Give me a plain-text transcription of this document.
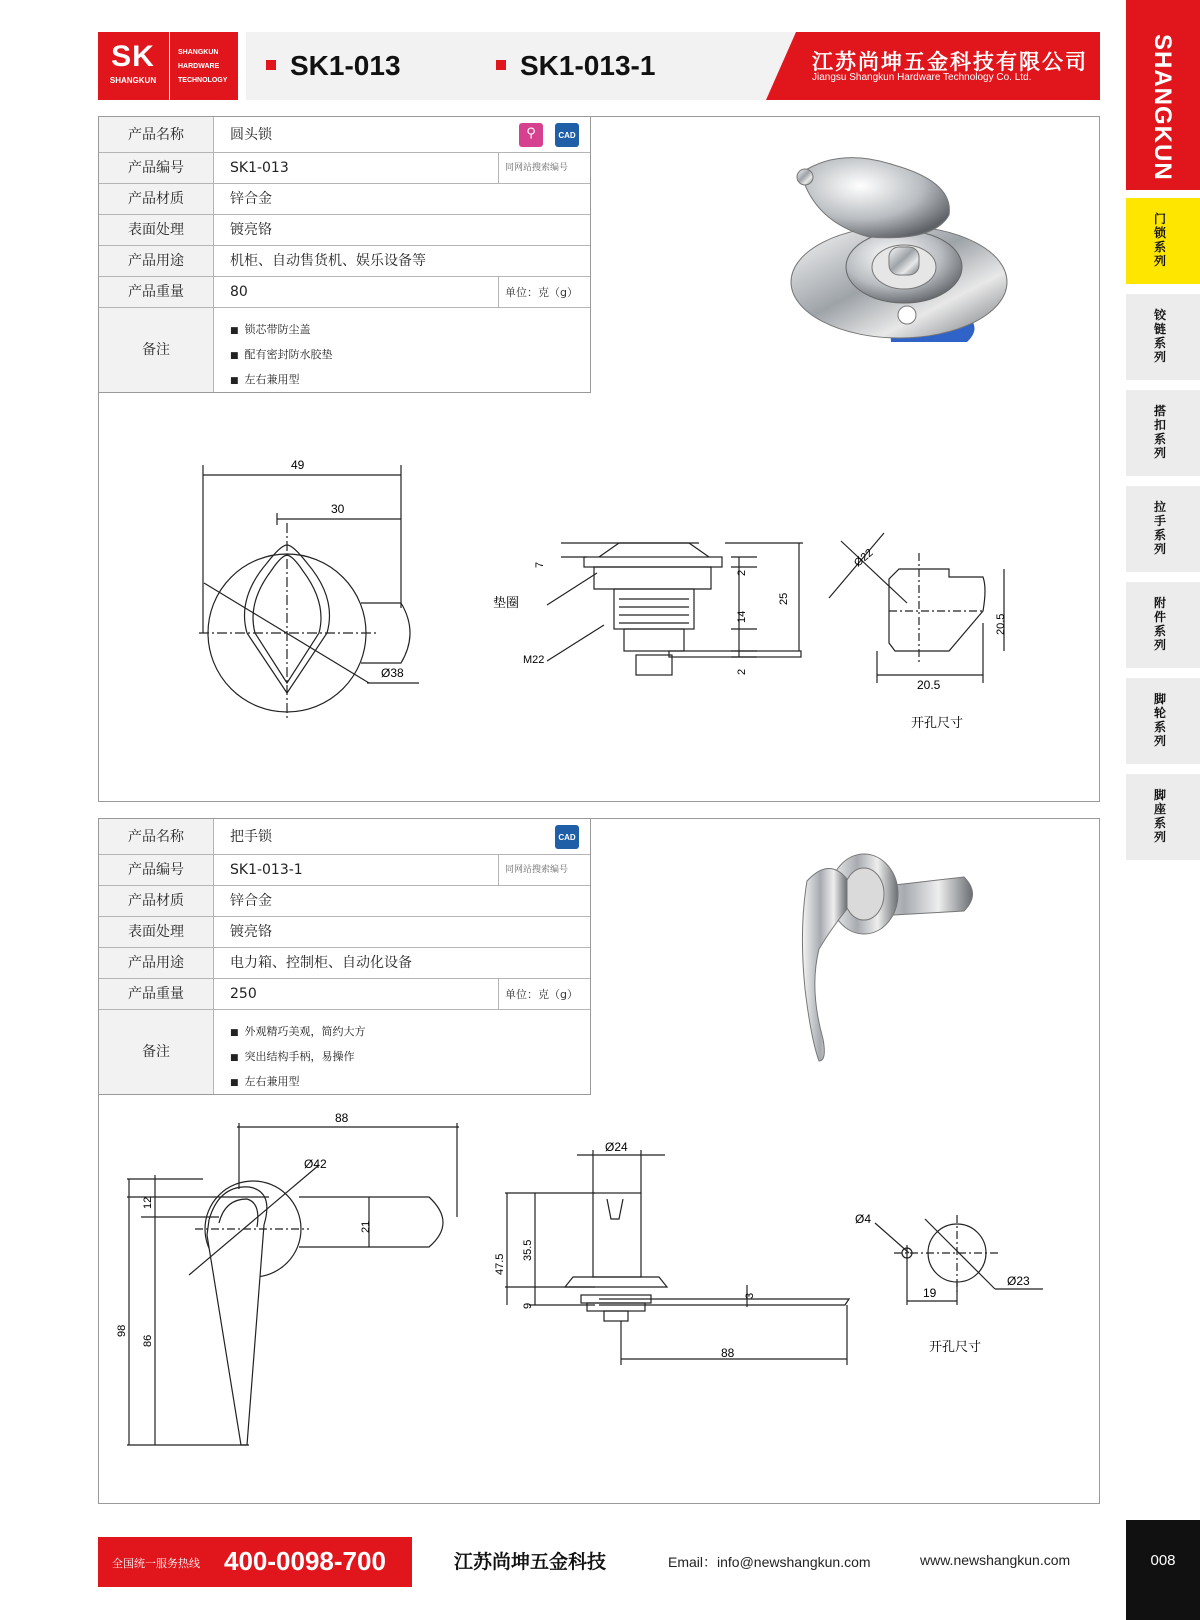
SK
SHANGKUN
SHANGKUN
HARDWARE
TECHNOLOGY	SK1-013	SK1-013-1	江苏尚坤五金科技有限公司
Jiangsu Shangkun Hardware Technology Co. Ltd.	SHANGKUN
门锁系列
铰链系列
搭扣系列
拉手系列
附件系列
脚轮系列
脚座系列
产品名称	圆头锁	⚲	CAD
产品编号	SK1-013	同网站搜索编号
产品材质	锌合金
表面处理	镀亮铬
产品用途	机柜、自动售货机、娱乐设备等
产品重量	80	单位：克（g）
备注
■ 锁芯带防尘盖
■ 配有密封防水胶垫
■ 左右兼用型
49
30
Ø38
7
2
25
14
2
垫圈
M22
Ø22
20.5
20.5
开孔尺寸
产品名称	把手锁	CAD
产品编号	SK1-013-1	同网站搜索编号
产品材质	锌合金
表面处理	镀亮铬
产品用途	电力箱、控制柜、自动化设备
产品重量	250	单位：克（g）
备注
■ 外观精巧美观，简约大方
■ 突出结构手柄，易操作
■ 左右兼用型
88
Ø42
12
21
98
86
Ø24
47.5
35.5
9
3
88
Ø4
Ø23
19
开孔尺寸
全国统一服务热线 400-0098-700	江苏尚坤五金科技	Email：info@newshangkun.com	www.newshangkun.com	008
